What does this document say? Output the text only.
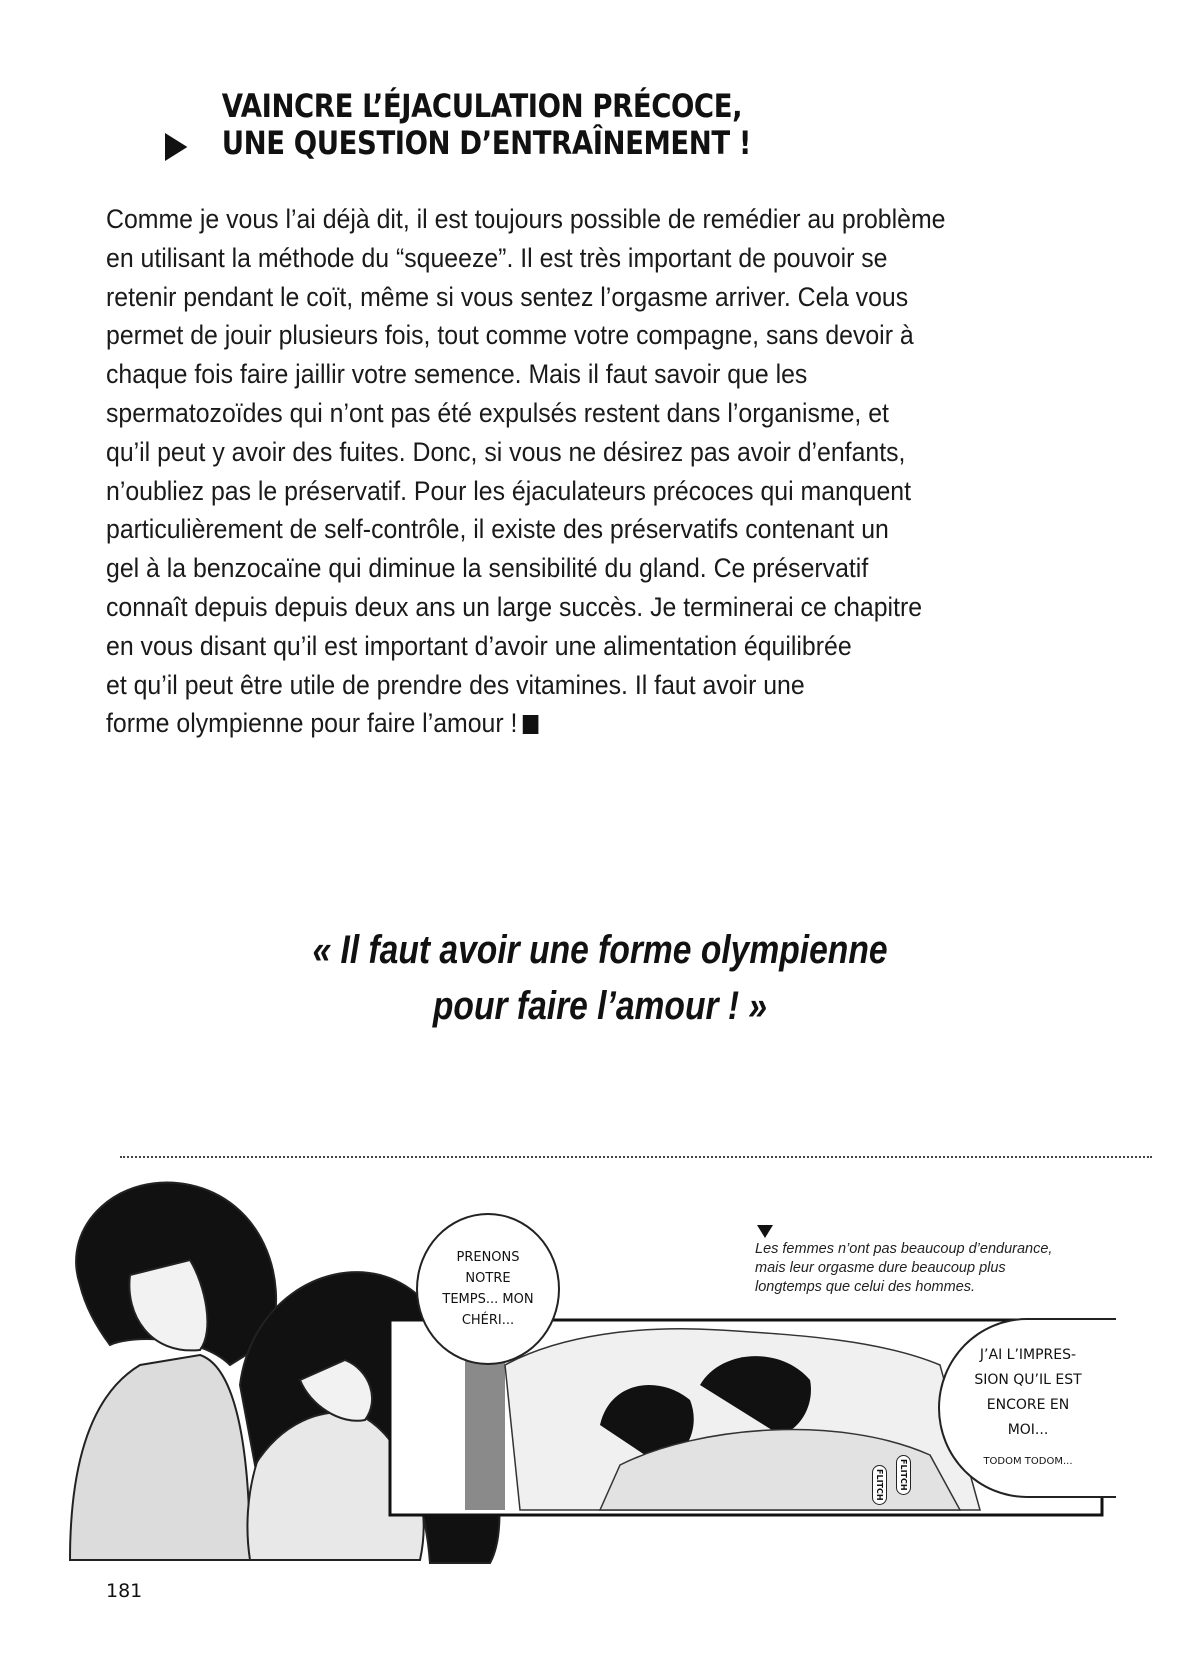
VAINCRE L’ÉJACULATION PRÉCOCE,
UNE QUESTION D’ENTRAÎNEMENT !
Comme je vous l’ai déjà dit, il est toujours possible de remédier au problème
en utilisant la méthode du “squeeze”. Il est très important de pouvoir se
retenir pendant le coït, même si vous sentez l’orgasme arriver. Cela vous
permet de jouir plusieurs fois, tout comme votre compagne, sans devoir à
chaque fois faire jaillir votre semence. Mais il faut savoir que les
spermatozoïdes qui n’ont pas été expulsés restent dans l’organisme, et
qu’il peut y avoir des fuites. Donc, si vous ne désirez pas avoir d’enfants,
n’oubliez pas le préservatif. Pour les éjaculateurs précoces qui manquent
particulièrement de self-contrôle, il existe des préservatifs contenant un
gel à la benzocaïne qui diminue la sensibilité du gland. Ce préservatif
connaît depuis depuis deux ans un large succès. Je terminerai ce chapitre
en vous disant qu’il est important d’avoir une alimentation équilibrée
et qu’il peut être utile de prendre des vitamines. Il faut avoir une
forme olympienne pour faire l’amour !
« Il faut avoir une forme olympienne
pour faire l’amour ! »
Les femmes n’ont pas beaucoup d’endurance,
mais leur orgasme dure beaucoup plus
longtemps que celui des hommes.
PRENONS
NOTRE
TEMPS... MON
CHÉRI...
J’AI L’IMPRES-
SION QU’IL EST
ENCORE EN
MOI...
TODOM TODOM...
FLITCH	FLITCH
181
